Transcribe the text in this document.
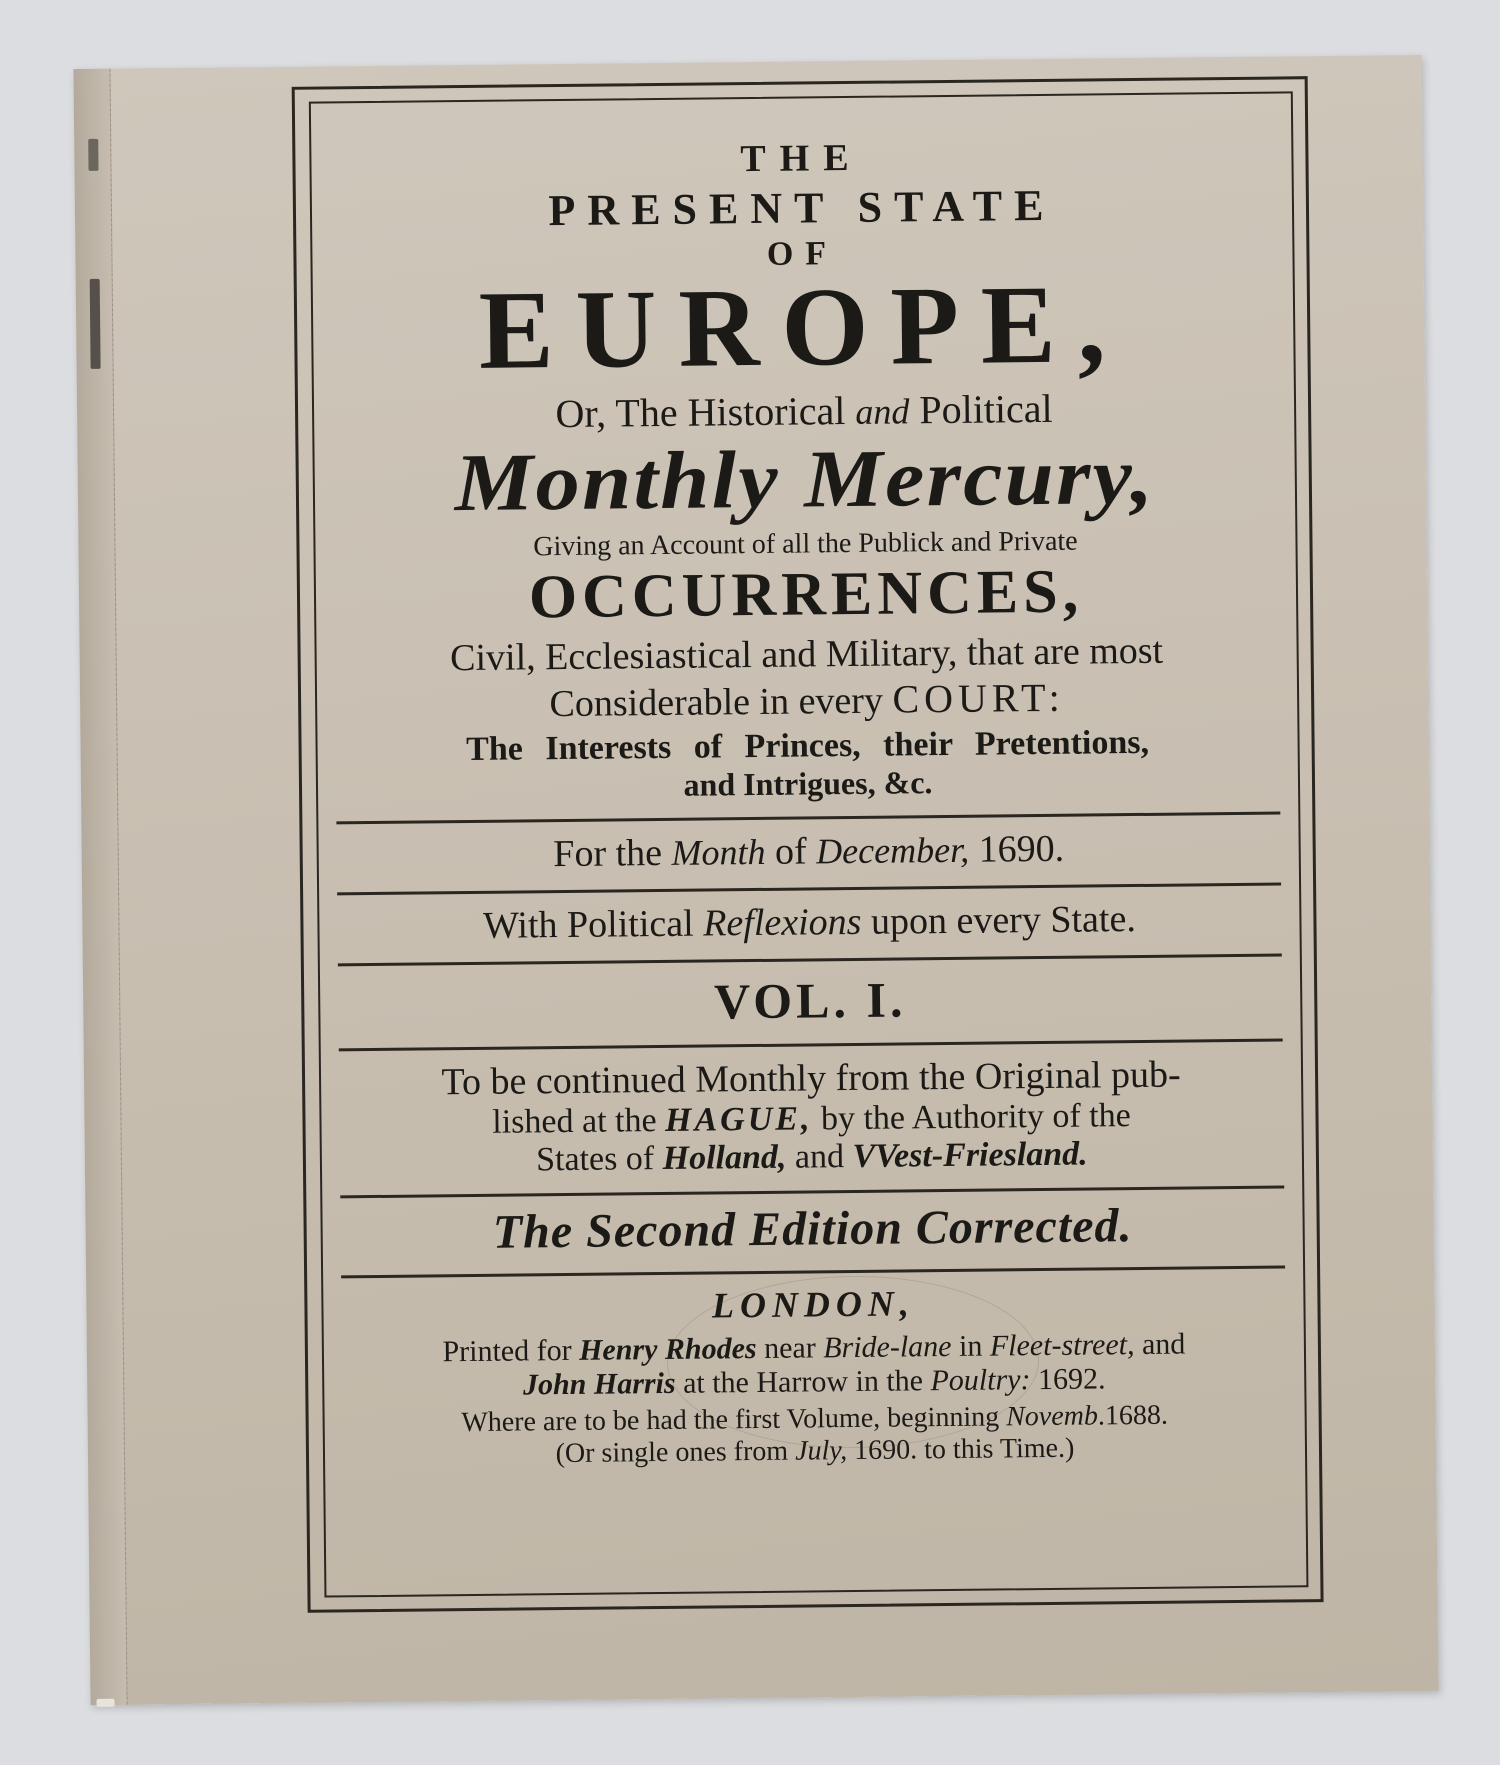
THE
PRESENT STATE
OF
EUROPE,
Or, The Historical and Political
Monthly Mercury,
Giving an Account of all the Publick and Private
OCCURRENCES,
Civil, Ecclesiastical and Military, that are most
Considerable in every COURT:
The Interests of Princes, their Pretentions,
and Intrigues, &c.
For the Month of December, 1690.
With Political Reflexions upon every State.
VOL. I.
To be continued Monthly from the Original pub-
lished at the HAGUE, by the Authority of the
States of Holland, and VVest-Friesland.
The Second Edition Corrected.
LONDON,
Printed for Henry Rhodes near Bride-lane in Fleet-street, and
John Harris at the Harrow in the Poultry: 1692.
Where are to be had the first Volume, beginning Novemb.1688.
(Or single ones from July, 1690. to this Time.)
